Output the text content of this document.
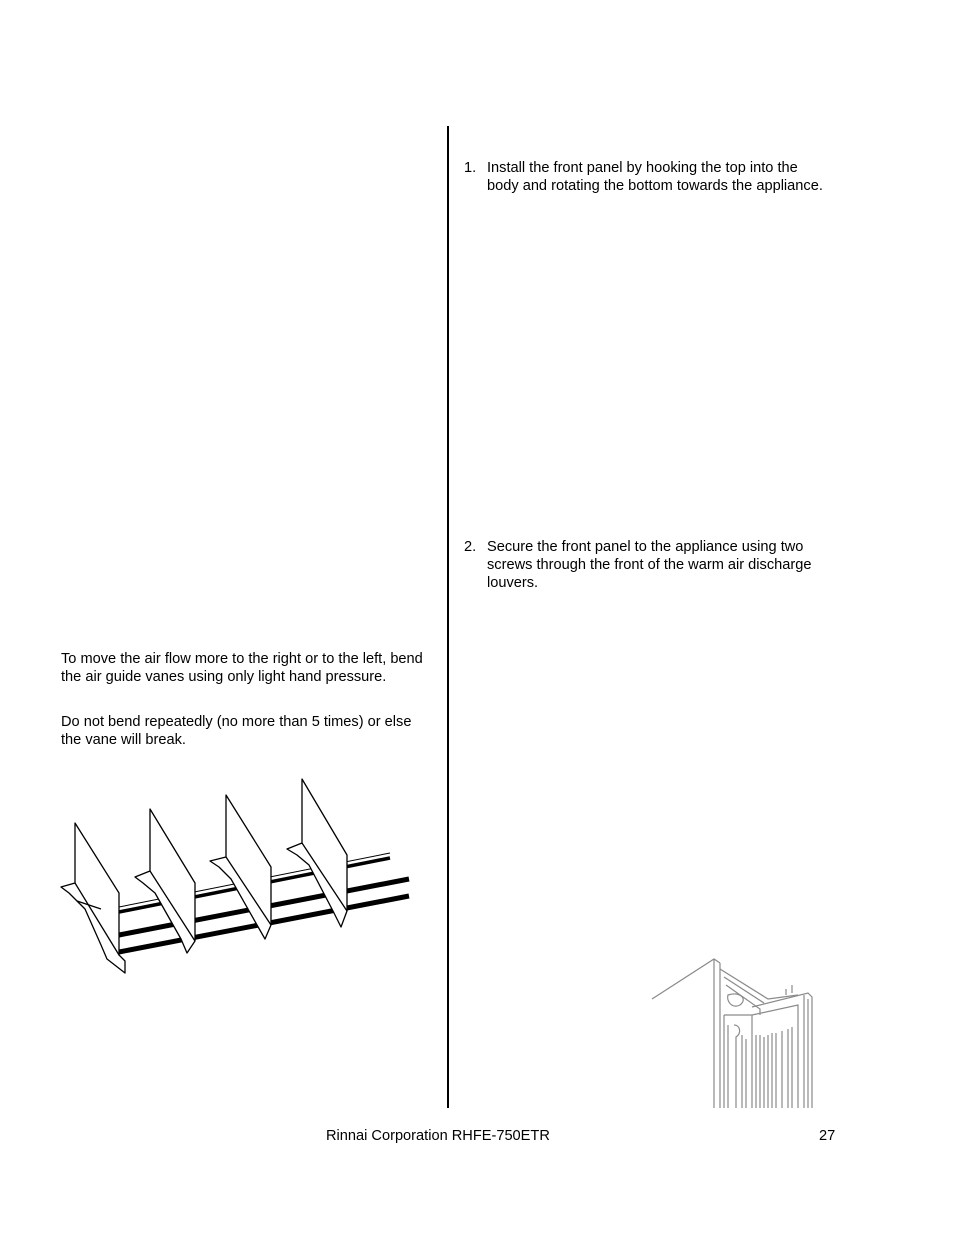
To move the air flow more to the right or to the left, bend the air guide vanes using only light hand pressure.

Do not bend repeatedly (no more than 5 times) or else the vane will break.

1. Install the front panel by hooking the top into the body and rotating the bottom towards the appliance.
2. Secure the front panel to the appliance using two screws through the front of the warm air discharge louvers.
Rinnai Corporation RHFE-750ETR	27
